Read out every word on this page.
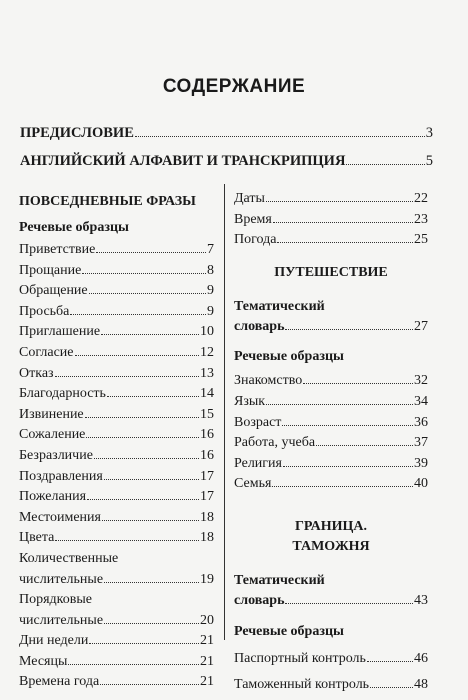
СОДЕРЖАНИЕ
ПРЕДИСЛОВИЕ	3
АНГЛИЙСКИЙ АЛФАВИТ И ТРАНСКРИПЦИЯ	5
ПОВСЕДНЕВНЫЕ ФРАЗЫ
Речевые образцы
Приветствие	7
Прощание	8
Обращение	9
Просьба	9
Приглашение	10
Согласие	12
Отказ	13
Благодарность	14
Извинение	15
Сожаление	16
Безразличие	16
Поздравления	17
Пожелания	17
Местоимения	18
Цвета	18
Количественные
числительные	19
Порядковые
числительные	20
Дни недели	21
Месяцы	21
Времена года	21
Даты	22
Время	23
Погода	25
ПУТЕШЕСТВИЕ
Тематический
словарь	27
Речевые образцы
Знакомство	32
Язык	34
Возраст	36
Работа, учеба	37
Религия	39
Семья	40
ГРАНИЦА.
ТАМОЖНЯ
Тематический
словарь	43
Речевые образцы
Паспортный контроль	46
Таможенный контроль	48
